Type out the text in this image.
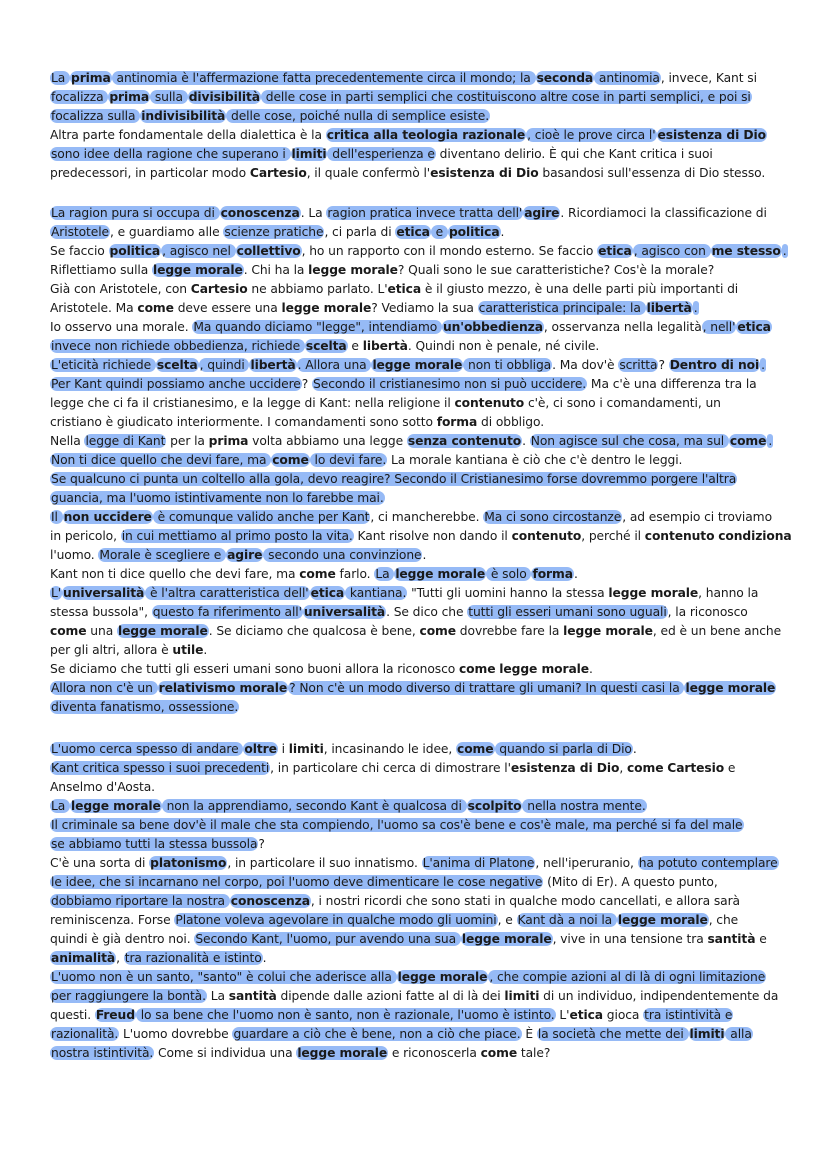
La prima antinomia è l'affermazione fatta precedentemente circa il mondo; la seconda antinomia, invece, Kant si
focalizza prima sulla divisibilità delle cose in parti semplici che costituiscono altre cose in parti semplici, e poi si
focalizza sulla indivisibilità delle cose, poiché nulla di semplice esiste.
Altra parte fondamentale della dialettica è la critica alla teologia razionale , cioè le prove circa l' esistenza di Dio
sono idee della ragione che superano i limiti dell'esperienza e diventano delirio. È qui che Kant critica i suoi
predecessori, in particolar modo Cartesio, il quale confermò l'esistenza di Dio basandosi sull'essenza di Dio stesso.
La ragion pura si occupa di conoscenza. La ragion pratica invece tratta dell' agire. Ricordiamoci la classificazione di
Aristotele, e guardiamo alle scienze pratiche, ci parla di etica e politica.
Se faccio politica , agisco nel collettivo, ho un rapporto con il mondo esterno. Se faccio etica , agisco con me stesso .
Riflettiamo sulla legge morale. Chi ha la legge morale? Quali sono le sue caratteristiche? Cos'è la morale?
Già con Aristotele, con Cartesio ne abbiamo parlato. L'etica è il giusto mezzo, è una delle parti più importanti di
Aristotele. Ma come deve essere una legge morale? Vediamo la sua caratteristica principale: la libertà .
Io osservo una morale. Ma quando diciamo "legge", intendiamo un'obbedienza, osservanza nella legalità, nell' etica
invece non richiede obbedienza, richiede scelta e libertà. Quindi non è penale, né civile.
L'eticità richiede scelta , quindi libertà . Allora una legge morale non ti obbliga. Ma dov'è scritta? Dentro di noi .
Per Kant quindi possiamo anche uccidere? Secondo il cristianesimo non si può uccidere. Ma c'è una differenza tra la
legge che ci fa il cristianesimo, e la legge di Kant: nella religione il contenuto c'è, ci sono i comandamenti, un
cristiano è giudicato interiormente. I comandamenti sono sotto forma di obbligo.
Nella legge di Kant per la prima volta abbiamo una legge senza contenuto. Non agisce sul che cosa, ma sul come .
Non ti dice quello che devi fare, ma come lo devi fare. La morale kantiana è ciò che c'è dentro le leggi.
Se qualcuno ci punta un coltello alla gola, devo reagire? Secondo il Cristianesimo forse dovremmo porgere l'altra
guancia, ma l'uomo istintivamente non lo farebbe mai.
Il non uccidere è comunque valido anche per Kant, ci mancherebbe. Ma ci sono circostanze, ad esempio ci troviamo
in pericolo, in cui mettiamo al primo posto la vita. Kant risolve non dando il contenuto, perché il contenuto condiziona
l'uomo. Morale è scegliere e agire secondo una convinzione.
Kant non ti dice quello che devi fare, ma come farlo. La legge morale è solo forma.
L' universalità è l'altra caratteristica dell' etica kantiana. "Tutti gli uomini hanno la stessa legge morale, hanno la
stessa bussola", questo fa riferimento all' universalità. Se dico che tutti gli esseri umani sono uguali, la riconosco
come una legge morale. Se diciamo che qualcosa è bene, come dovrebbe fare la legge morale, ed è un bene anche
per gli altri, allora è utile.
Se diciamo che tutti gli esseri umani sono buoni allora la riconosco come legge morale.
Allora non c'è un relativismo morale ? Non c'è un modo diverso di trattare gli umani? In questi casi la legge morale
diventa fanatismo, ossessione.
L'uomo cerca spesso di andare oltre i limiti, incasinando le idee, come quando si parla di Dio.
Kant critica spesso i suoi precedenti, in particolare chi cerca di dimostrare l'esistenza di Dio, come Cartesio e
Anselmo d'Aosta.
La legge morale non la apprendiamo, secondo Kant è qualcosa di scolpito nella nostra mente.
Il criminale sa bene dov'è il male che sta compiendo, l'uomo sa cos'è bene e cos'è male, ma perché si fa del male
se abbiamo tutti la stessa bussola?
C'è una sorta di platonismo, in particolare il suo innatismo. L'anima di Platone, nell'iperuranio, ha potuto contemplare
le idee, che si incarnano nel corpo, poi l'uomo deve dimenticare le cose negative (Mito di Er). A questo punto,
dobbiamo riportare la nostra conoscenza, i nostri ricordi che sono stati in qualche modo cancellati, e allora sarà
reminiscenza. Forse Platone voleva agevolare in qualche modo gli uomini, e Kant dà a noi la legge morale, che
quindi è già dentro noi. Secondo Kant, l'uomo, pur avendo una sua legge morale, vive in una tensione tra santità e
animalità, tra razionalità e istinto.
L'uomo non è un santo, "santo" è colui che aderisce alla legge morale , che compie azioni al di là di ogni limitazione
per raggiungere la bontà. La santità dipende dalle azioni fatte al di là dei limiti di un individuo, indipendentemente da
questi. Freud lo sa bene che l'uomo non è santo, non è razionale, l'uomo è istinto. L'etica gioca tra istintività e
razionalità. L'uomo dovrebbe guardare a ciò che è bene, non a ciò che piace. È la società che mette dei limiti alla
nostra istintività. Come si individua una legge morale e riconoscerla come tale?
